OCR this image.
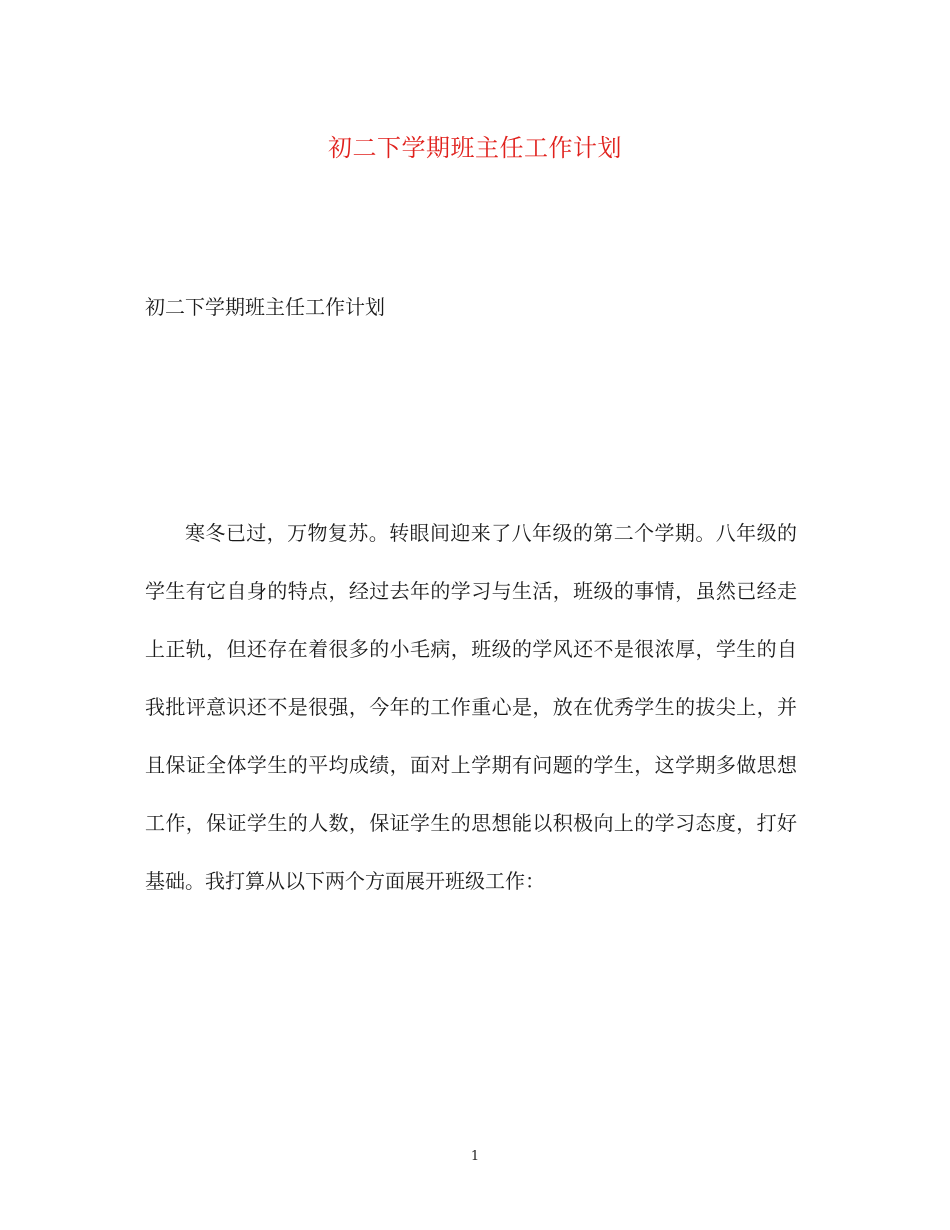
初二下学期班主任工作计划
初二下学期班主任工作计划

寒冬已过，万物复苏。转眼间迎来了八年级的第二个学期。八年级的学生有它自身的特点，经过去年的学习与生活，班级的事情，虽然已经走上正轨，但还存在着很多的小毛病，班级的学风还不是很浓厚，学生的自我批评意识还不是很强，今年的工作重心是，放在优秀学生的拔尖上，并且保证全体学生的平均成绩，面对上学期有问题的学生，这学期多做思想工作，保证学生的人数，保证学生的思想能以积极向上的学习态度，打好基础。我打算从以下两个方面展开班级工作：

1
